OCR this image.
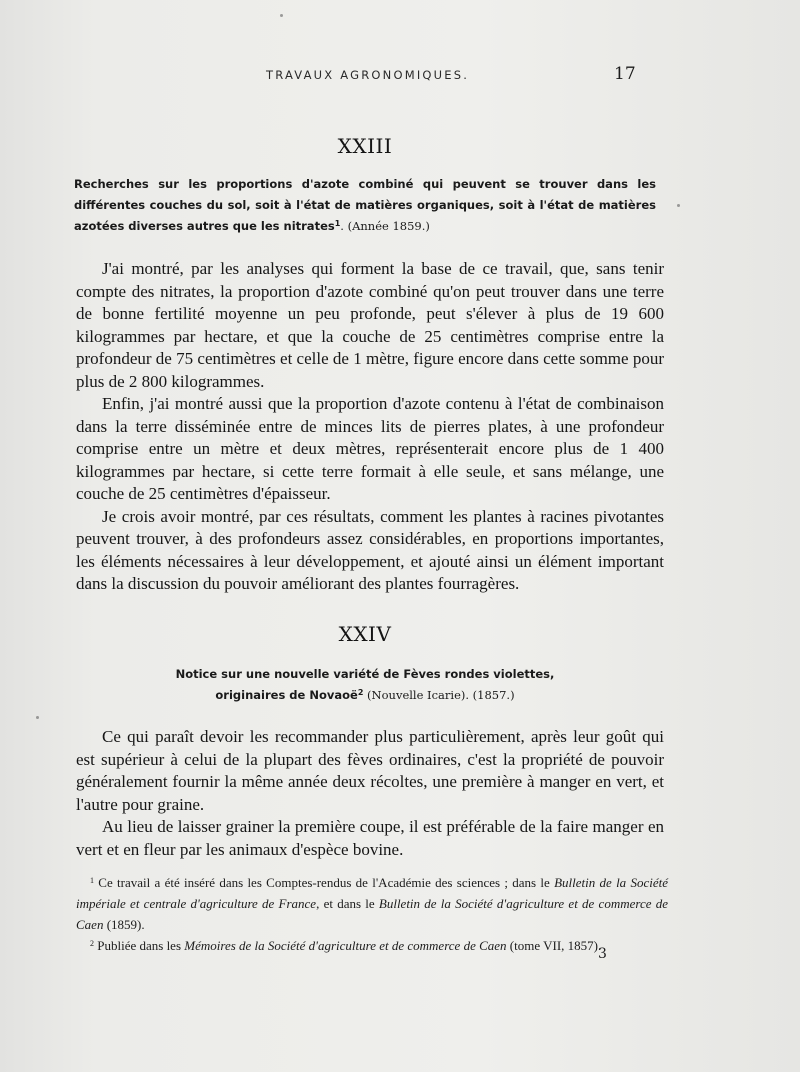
TRAVAUX AGRONOMIQUES.	17
XXIII
Recherches sur les proportions d'azote combiné qui peuvent se trouver dans les différentes couches du sol, soit à l'état de matières organiques, soit à l'état de matières azotées diverses autres que les nitrates$^1$. (Année 1859.)

J'ai montré, par les analyses qui forment la base de ce travail, que, sans tenir compte des nitrates, la proportion d'azote combiné qu'on peut trouver dans une terre de bonne fertilité moyenne un peu profonde, peut s'élever à plus de 19 600 kilogrammes par hectare, et que la couche de 25 centimètres comprise entre la profondeur de 75 centimètres et celle de 1 mètre, figure encore dans cette somme pour plus de 2 800 kilogrammes.

Enfin, j'ai montré aussi que la proportion d'azote contenu à l'état de combinaison dans la terre disséminée entre de minces lits de pierres plates, à une profondeur comprise entre un mètre et deux mètres, représenterait encore plus de 1 400 kilogrammes par hectare, si cette terre formait à elle seule, et sans mélange, une couche de 25 centimètres d'épaisseur.

Je crois avoir montré, par ces résultats, comment les plantes à racines pivotantes peuvent trouver, à des profondeurs assez considérables, en proportions importantes, les éléments nécessaires à leur développement, et ajouté ainsi un élément important dans la discussion du pouvoir améliorant des plantes fourragères.

XXIV
Notice sur une nouvelle variété de Fèves rondes violettes,
originaires de Novaoë$^2$ (Nouvelle Icarie). (1857.)

Ce qui paraît devoir les recommander plus particulièrement, après leur goût qui est supérieur à celui de la plupart des fèves ordinaires, c'est la propriété de pouvoir généralement fournir la même année deux récoltes, une première à manger en vert, et l'autre pour graine.

Au lieu de laisser grainer la première coupe, il est préférable de la faire manger en vert et en fleur par les animaux d'espèce bovine.

$^1$ Ce travail a été inséré dans les Comptes-rendus de l'Académie des sciences ; dans le Bulletin de la Société impériale et centrale d'agriculture de France, et dans le Bulletin de la Société d'agriculture et de commerce de Caen (1859).

$^2$ Publiée dans les Mémoires de la Société d'agriculture et de commerce de Caen (tome VII, 1857).

3
